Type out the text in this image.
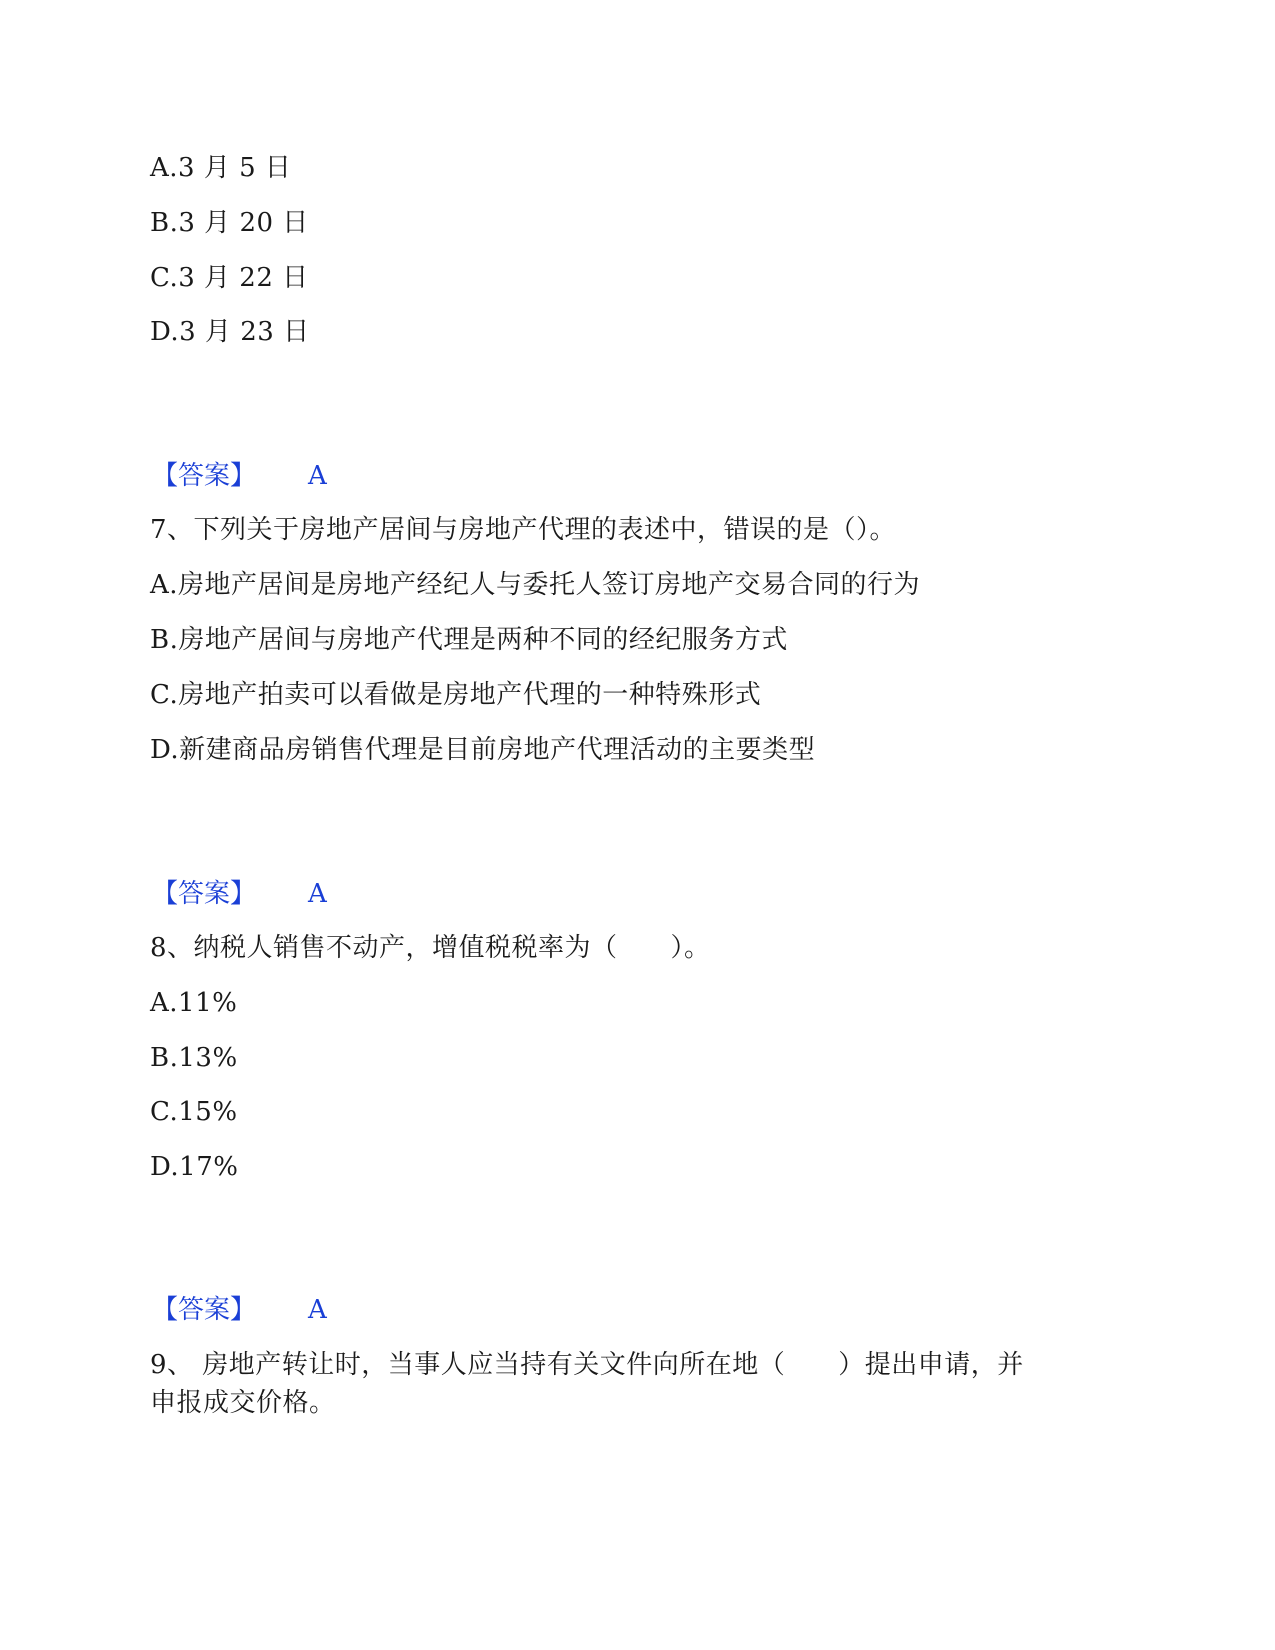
A.3 月 5 日
B.3 月 20 日
C.3 月 22 日
D.3 月 23 日
【答案】 A
7、下列关于房地产居间与房地产代理的表述中，错误的是（）。
A.房地产居间是房地产经纪人与委托人签订房地产交易合同的行为
B.房地产居间与房地产代理是两种不同的经纪服务方式
C.房地产拍卖可以看做是房地产代理的一种特殊形式
D.新建商品房销售代理是目前房地产代理活动的主要类型
【答案】 A
8、纳税人销售不动产，增值税税率为（　　）。
A.11%
B.13%
C.15%
D.17%
【答案】 A
9、 房地产转让时，当事人应当持有关文件向所在地（　　）提出申请，并
申报成交价格。
